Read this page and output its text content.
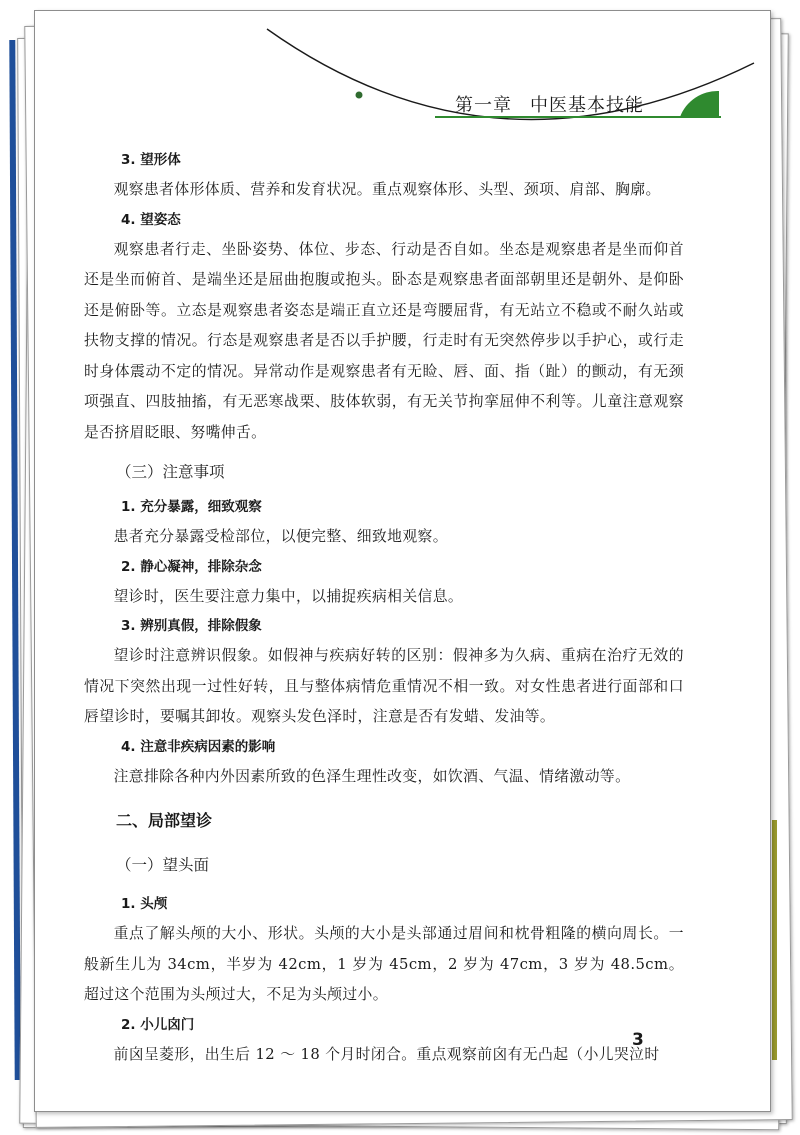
第一章 中医基本技能
3. 望形体
观察患者体形体质、营养和发育状况。重点观察体形、头型、颈项、肩部、胸廓。
4. 望姿态
观察患者行走、坐卧姿势、体位、步态、行动是否自如。坐态是观察患者是坐而仰首还是坐而俯首、是端坐还是屈曲抱腹或抱头。卧态是观察患者面部朝里还是朝外、是仰卧还是俯卧等。立态是观察患者姿态是端正直立还是弯腰屈背，有无站立不稳或不耐久站或扶物支撑的情况。行态是观察患者是否以手护腰，行走时有无突然停步以手护心，或行走时身体震动不定的情况。异常动作是观察患者有无睑、唇、面、指（趾）的颤动，有无颈项强直、四肢抽搐，有无恶寒战栗、肢体软弱，有无关节拘挛屈伸不利等。儿童注意观察是否挤眉眨眼、努嘴伸舌。
（三）注意事项
1. 充分暴露，细致观察
患者充分暴露受检部位，以便完整、细致地观察。
2. 静心凝神，排除杂念
望诊时，医生要注意力集中，以捕捉疾病相关信息。
3. 辨别真假，排除假象
望诊时注意辨识假象。如假神与疾病好转的区别：假神多为久病、重病在治疗无效的情况下突然出现一过性好转，且与整体病情危重情况不相一致。对女性患者进行面部和口唇望诊时，要嘱其卸妆。观察头发色泽时，注意是否有发蜡、发油等。
4. 注意非疾病因素的影响
注意排除各种内外因素所致的色泽生理性改变，如饮酒、气温、情绪激动等。
二、局部望诊
（一）望头面
1. 头颅
重点了解头颅的大小、形状。头颅的大小是头部通过眉间和枕骨粗隆的横向周长。一般新生儿为 34cm，半岁为 42cm，1 岁为 45cm，2 岁为 47cm，3 岁为 48.5cm。超过这个范围为头颅过大，不足为头颅过小。
2. 小儿囟门
前囟呈菱形，出生后 12 ～ 18 个月时闭合。重点观察前囟有无凸起（小儿哭泣时
3
